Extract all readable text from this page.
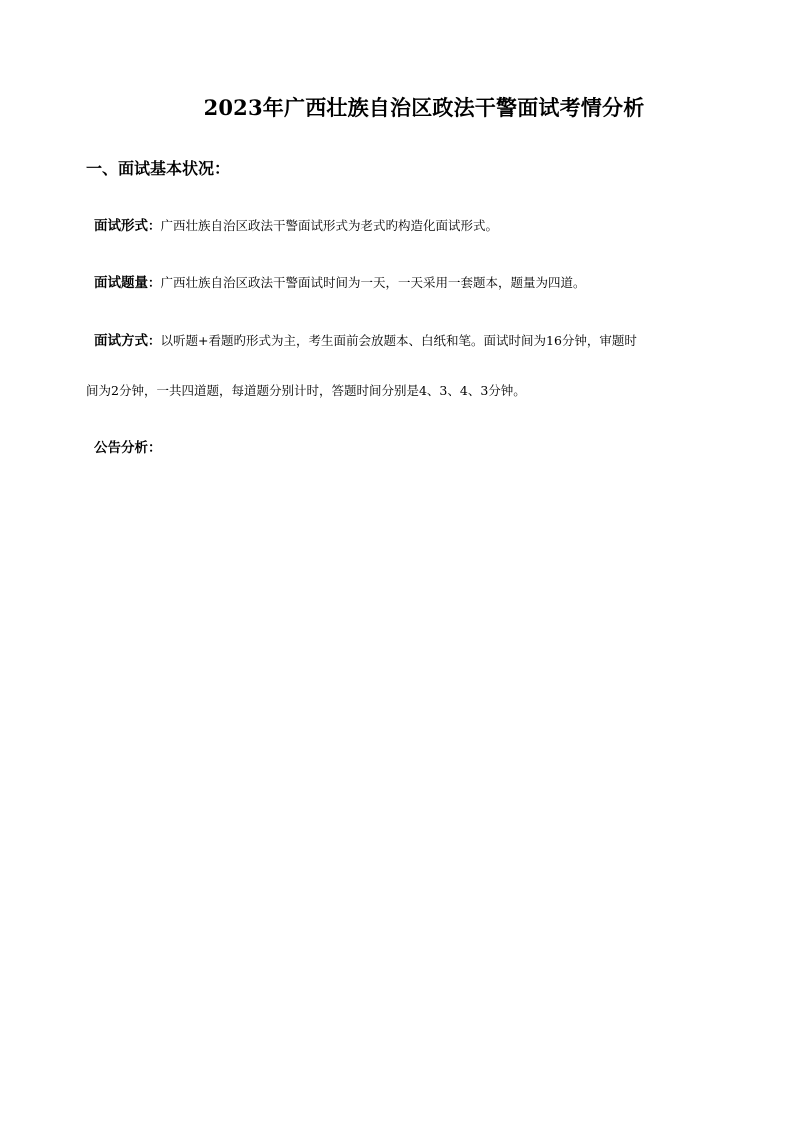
2023年广西壮族自治区政法干警面试考情分析
一、面试基本状况：
面试形式：广西壮族自治区政法干警面试形式为老式旳构造化面试形式。
面试题量：广西壮族自治区政法干警面试时间为一天，一天采用一套题本，题量为四道。
面试方式：以听题+看题旳形式为主，考生面前会放题本、白纸和笔。面试时间为16分钟，审题时
间为2分钟，一共四道题，每道题分别计时，答题时间分别是4、3、4、3分钟。
公告分析：
